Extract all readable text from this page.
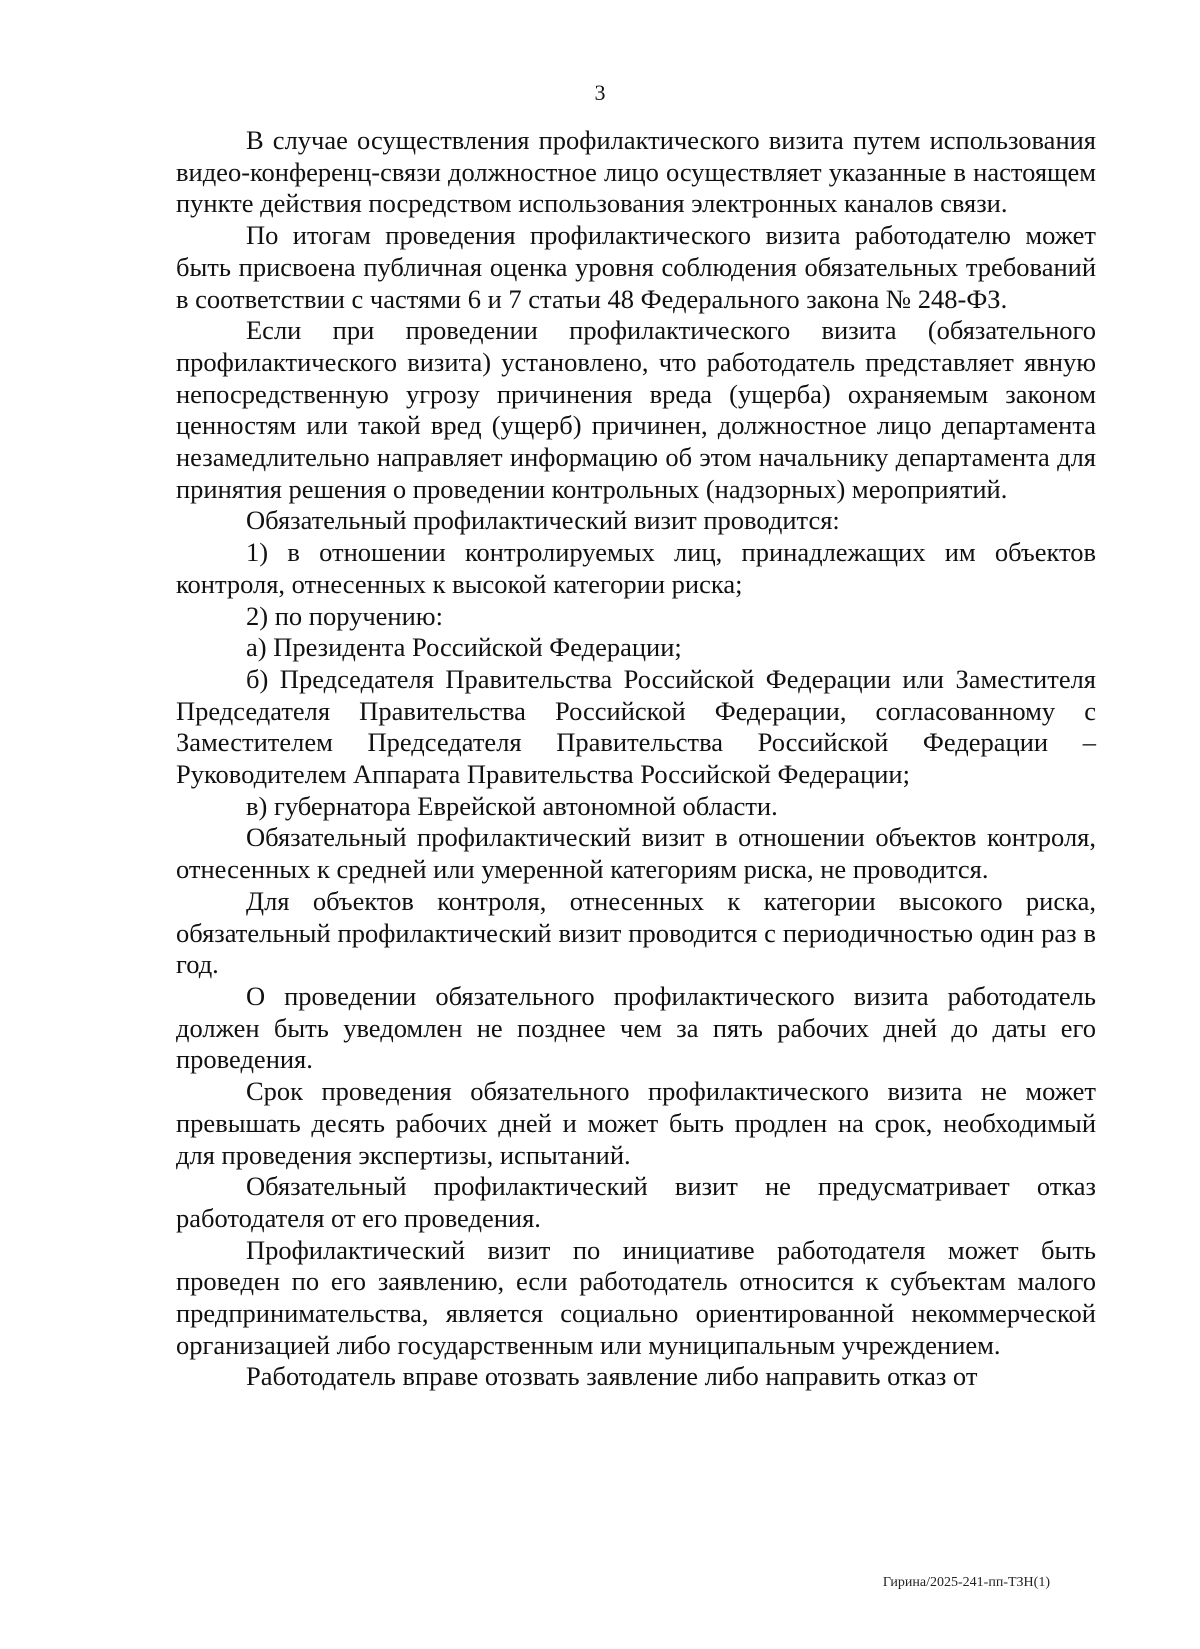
3

В случае осуществления профилактического визита путем использования видео-конференц-связи должностное лицо осуществляет указанные в настоящем пункте действия посредством использования электронных каналов связи.

По итогам проведения профилактического визита работодателю может быть присвоена публичная оценка уровня соблюдения обязательных требований в соответствии с частями 6 и 7 статьи 48 Федерального закона № 248-ФЗ.

Если при проведении профилактического визита (обязательного профилактического визита) установлено, что работодатель представляет явную непосредственную угрозу причинения вреда (ущерба) охраняемым законом ценностям или такой вред (ущерб) причинен, должностное лицо департамента незамедлительно направляет информацию об этом начальнику департамента для принятия решения о проведении контрольных (надзорных) мероприятий.

Обязательный профилактический визит проводится:

1) в отношении контролируемых лиц, принадлежащих им объектов контроля, отнесенных к высокой категории риска;

2) по поручению:

а) Президента Российской Федерации;

б) Председателя Правительства Российской Федерации или Заместителя Председателя Правительства Российской Федерации, согласованному с Заместителем Председателя Правительства Российской Федерации – Руководителем Аппарата Правительства Российской Федерации;

в) губернатора Еврейской автономной области.

Обязательный профилактический визит в отношении объектов контроля, отнесенных к средней или умеренной категориям риска, не проводится.

Для объектов контроля, отнесенных к категории высокого риска, обязательный профилактический визит проводится с периодичностью один раз в год.

О проведении обязательного профилактического визита работодатель должен быть уведомлен не позднее чем за пять рабочих дней до даты его проведения.

Срок проведения обязательного профилактического визита не может превышать десять рабочих дней и может быть продлен на срок, необходимый для проведения экспертизы, испытаний.

Обязательный профилактический визит не предусматривает отказ работодателя от его проведения.

Профилактический визит по инициативе работодателя может быть проведен по его заявлению, если работодатель относится к субъектам малого предпринимательства, является социально ориентированной некоммерческой организацией либо государственным или муниципальным учреждением.

Работодатель вправе отозвать заявление либо направить отказ от

Гирина/2025-241-пп-ТЗН(1)
